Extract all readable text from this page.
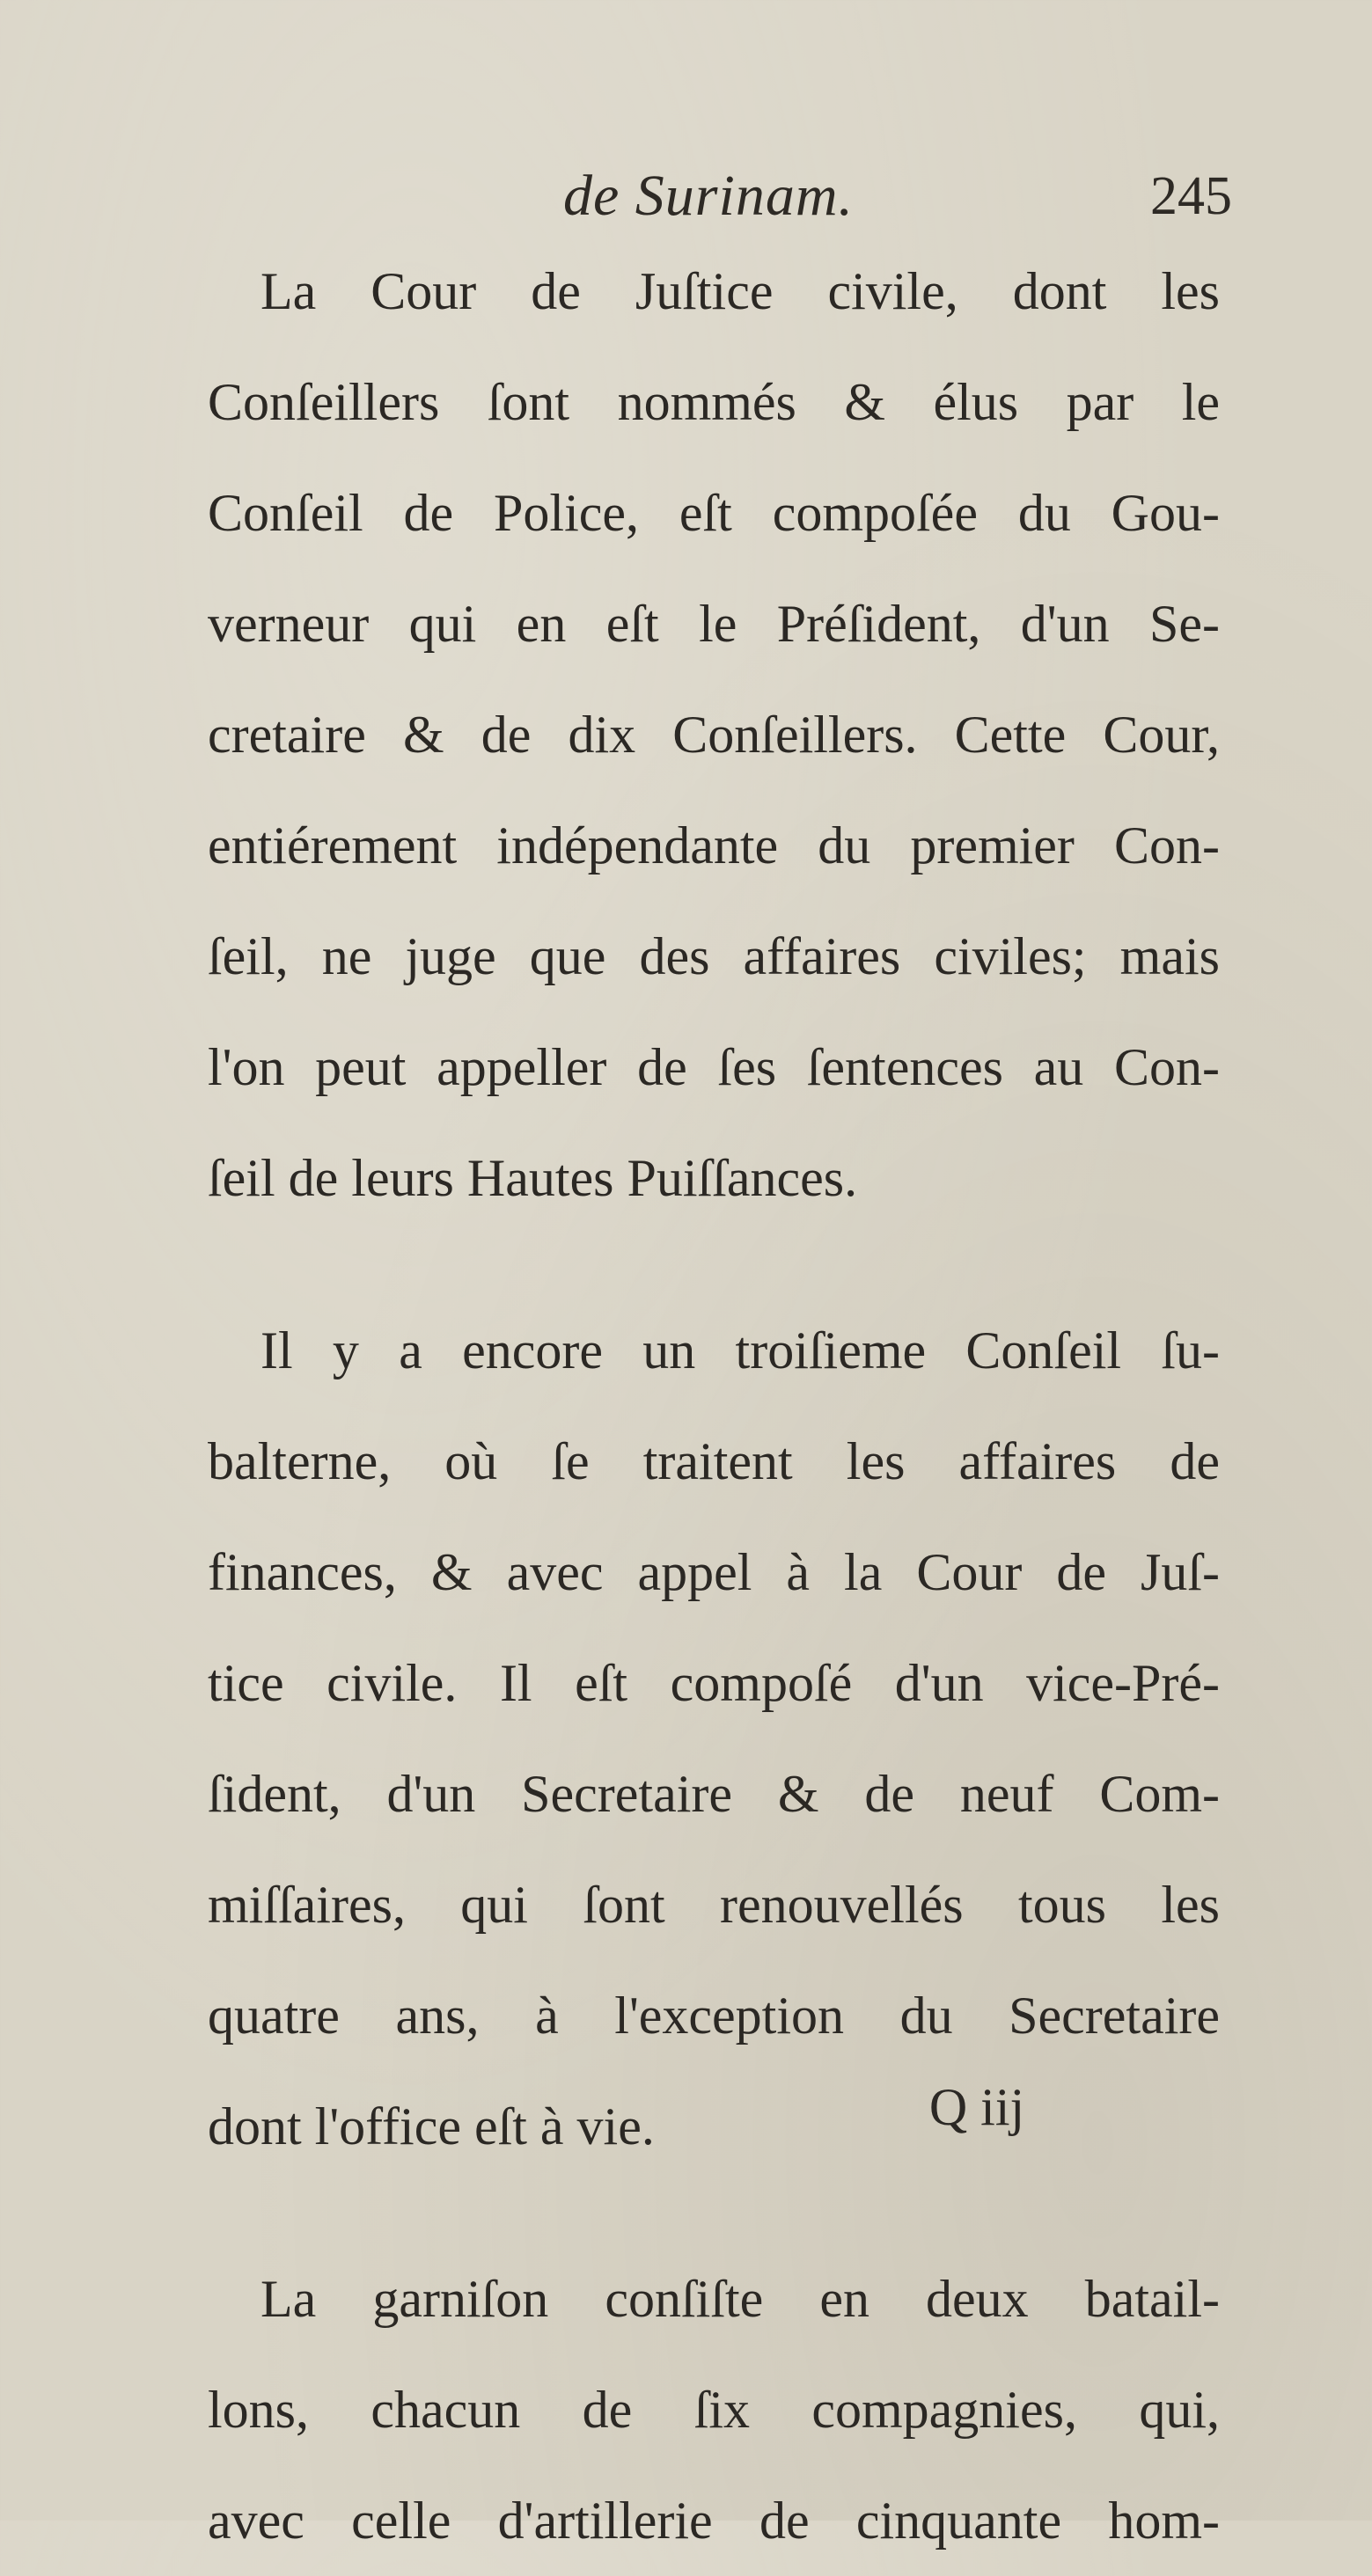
de Surinam.	245
La Cour de Juſtice civile, dont les
Conſeillers ſont nommés & élus par le
Conſeil de Police, eſt compoſée du Gou-
verneur qui en eſt le Préſident, d'un Se-
cretaire & de dix Conſeillers. Cette Cour,
entiérement indépendante du premier Con-
ſeil, ne juge que des affaires civiles; mais
l'on peut appeller de ſes ſentences au Con-
ſeil de leurs Hautes Puiſſances.
Il y a encore un troiſieme Conſeil ſu-
balterne, où ſe traitent les affaires de
finances, & avec appel à la Cour de Juſ-
tice civile. Il eſt compoſé d'un vice-Pré-
ſident, d'un Secretaire & de neuf Com-
miſſaires, qui ſont renouvellés tous les
quatre ans, à l'exception du Secretaire
dont l'office eſt à vie.
La garniſon conſiſte en deux batail-
lons, chacun de ſix compagnies, qui,
avec celle d'artillerie de cinquante hom-
Q iij
